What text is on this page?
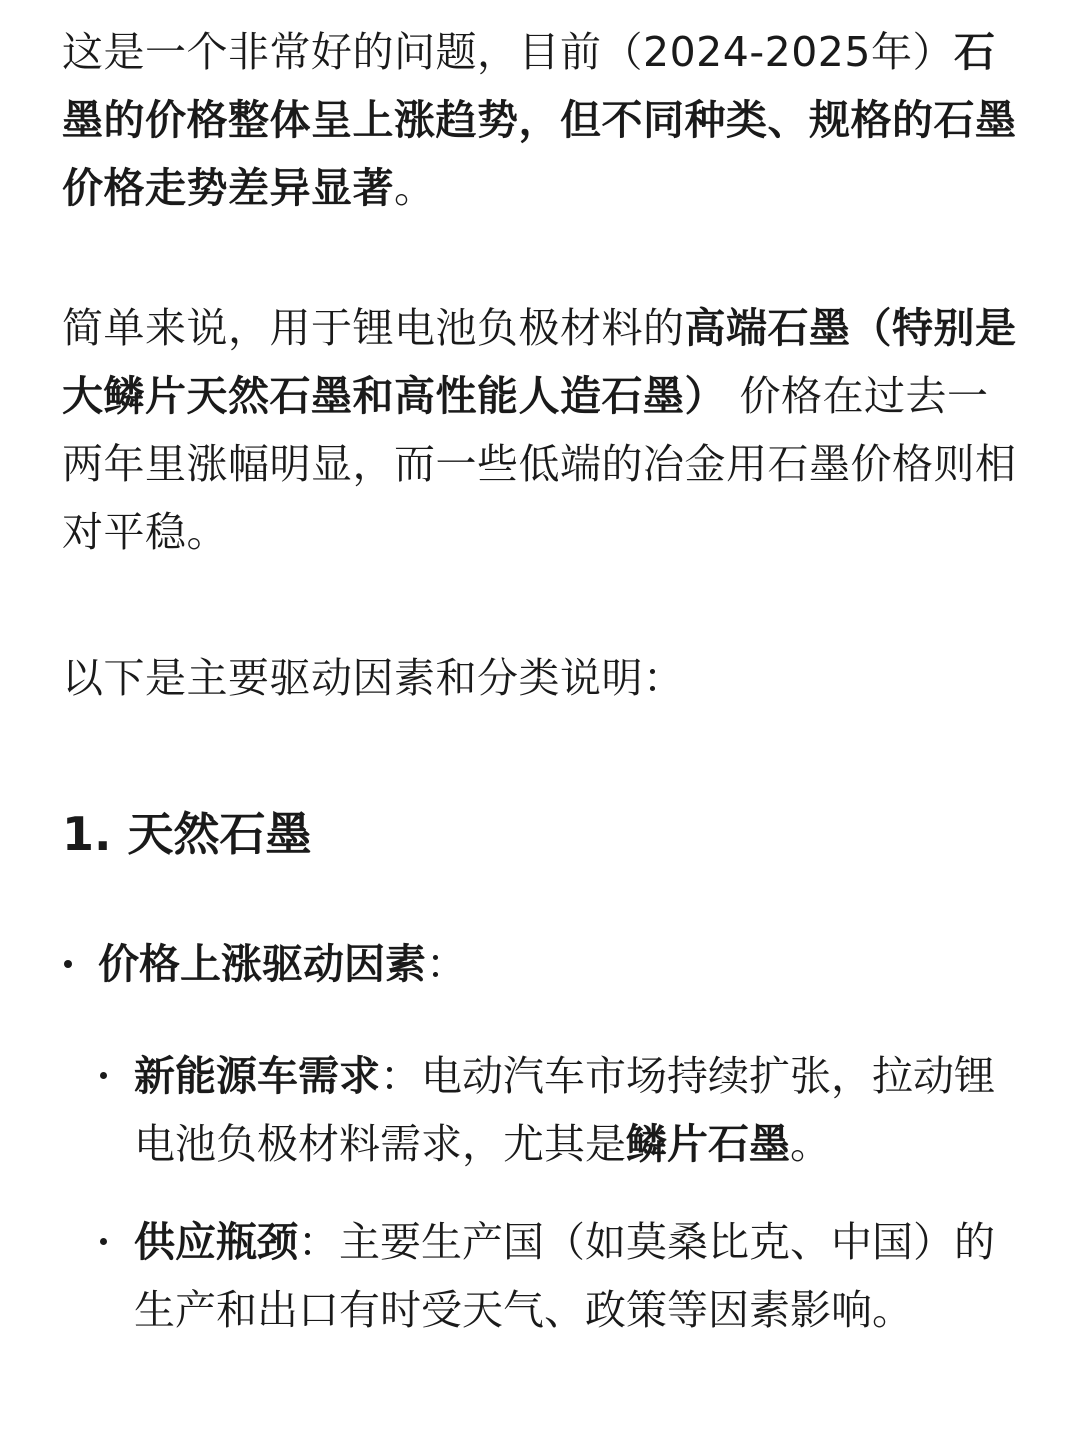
这是一个非常好的问题，目前（2024-2025年）石墨的价格整体呈上涨趋势，但不同种类、规格的石墨价格走势差异显著。

简单来说，用于锂电池负极材料的高端石墨（特别是大鳞片天然石墨和高性能人造石墨） 价格在过去一两年里涨幅明显，而一些低端的冶金用石墨价格则相对平稳。

以下是主要驱动因素和分类说明：

1. 天然石墨
价格上涨驱动因素：
新能源车需求：电动汽车市场持续扩张，拉动锂电池负极材料需求，尤其是鳞片石墨。
供应瓶颈：主要生产国（如莫桑比克、中国）的生产和出口有时受天气、政策等因素影响。
